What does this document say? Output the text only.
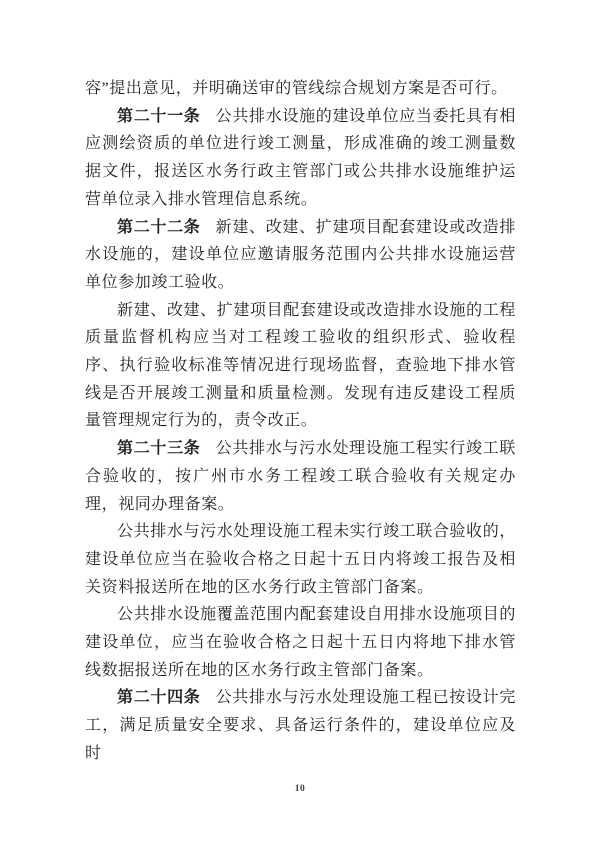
容”提出意见，并明确送审的管线综合规划方案是否可行。

第二十一条 公共排水设施的建设单位应当委托具有相应测绘资质的单位进行竣工测量，形成准确的竣工测量数据文件，报送区水务行政主管部门或公共排水设施维护运营单位录入排水管理信息系统。

第二十二条 新建、改建、扩建项目配套建设或改造排水设施的，建设单位应邀请服务范围内公共排水设施运营单位参加竣工验收。

新建、改建、扩建项目配套建设或改造排水设施的工程质量监督机构应当对工程竣工验收的组织形式、验收程序、执行验收标准等情况进行现场监督，查验地下排水管线是否开展竣工测量和质量检测。发现有违反建设工程质量管理规定行为的，责令改正。

第二十三条 公共排水与污水处理设施工程实行竣工联合验收的，按广州市水务工程竣工联合验收有关规定办理，视同办理备案。

公共排水与污水处理设施工程未实行竣工联合验收的，建设单位应当在验收合格之日起十五日内将竣工报告及相关资料报送所在地的区水务行政主管部门备案。

公共排水设施覆盖范围内配套建设自用排水设施项目的建设单位，应当在验收合格之日起十五日内将地下排水管线数据报送所在地的区水务行政主管部门备案。

第二十四条 公共排水与污水处理设施工程已按设计完工，满足质量安全要求、具备运行条件的，建设单位应及时

10
